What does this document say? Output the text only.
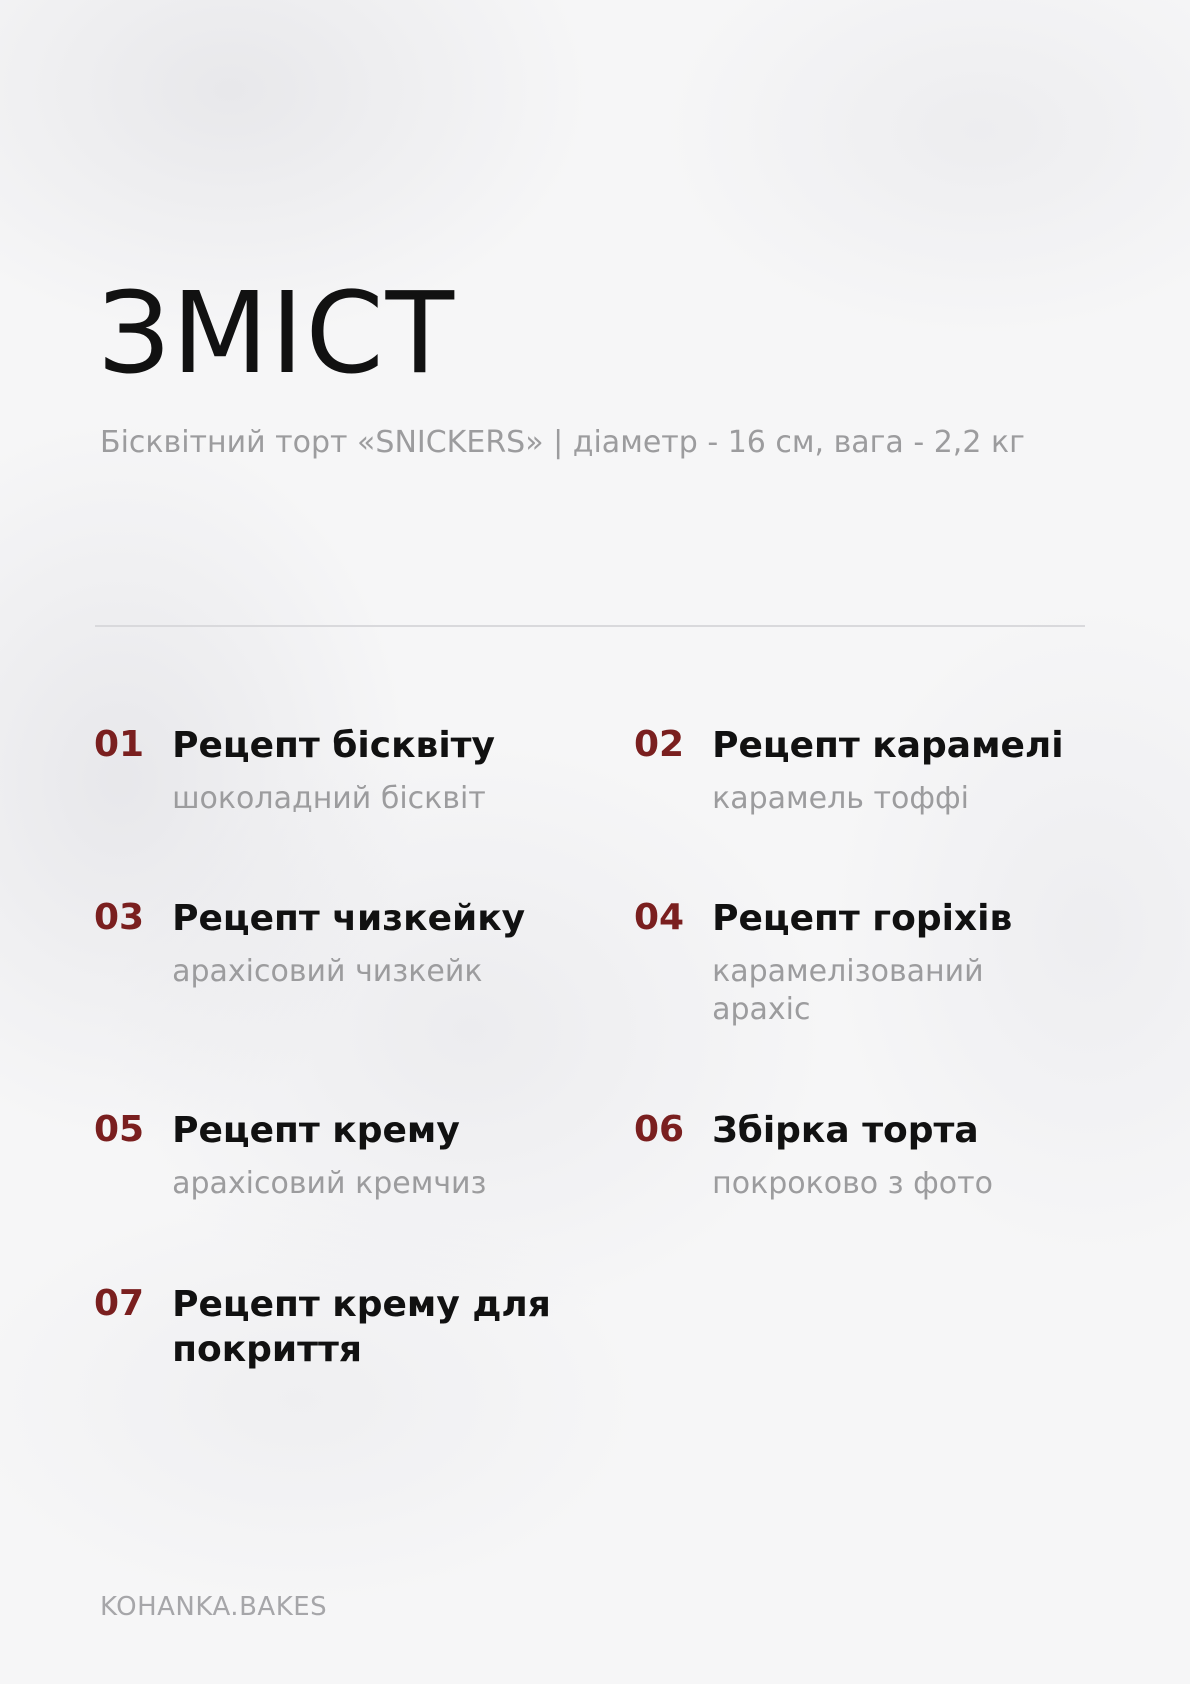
ЗМІСТ

Бісквітний торт «SNICKERS» | діаметр - 16 см, вага - 2,2 кг

01 Рецепт бісквіту
шоколадний бісквіт
02 Рецепт карамелі
карамель тоффі
03 Рецепт чизкейку
арахісовий чизкейк
04 Рецепт горіхів
карамелізований арахіс
05 Рецепт крему
арахісовий кремчиз
06 Збірка торта
покроково з фото
07 Рецепт крему для покриття
KOHANKA.BAKES
